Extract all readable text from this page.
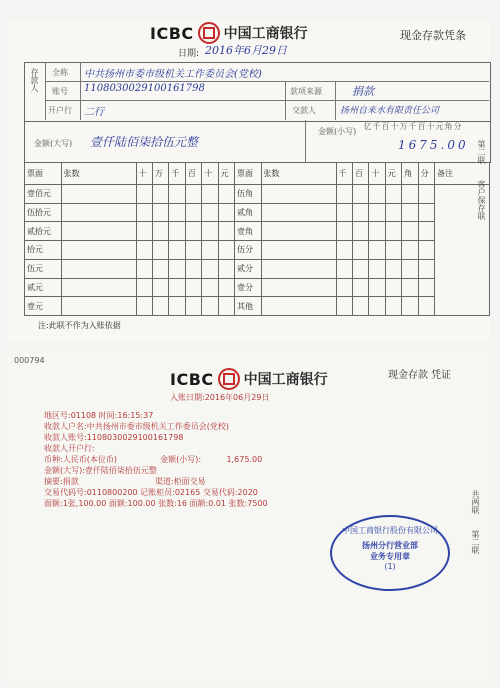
ICBC 中国工商银行	现金存款凭条
日期: 2016年6月29日
存款人 全称 中共扬州市委市级机关工作委员会(党校)
账号 1108030029100161798
开户行 二行
款项来源	捐款
交款人	扬州自来水有限责任公司
金额(大写) 壹仟陆佰柒拾伍元整
金额(小写)
亿 千 百 十 万 千 百 十 元 角 分
1675.00
票面	张数	十	万	千	百	十	元	票面	张数	千	百	十	元	角	分	备注
壹佰元								伍角								
伍拾元								贰角								
贰拾元								壹角								
拾元								伍分								
伍元								贰分								
贰元								壹分								
壹元								其他								
注:此联不作为入账依据
第二联
客户保存联
000794
ICBC 中国工商银行	现金存款 凭证
入账日期:2016年06月29日
地区号:01108 时间:16:15:37
收款人户名:中共扬州市委市级机关工作委员会(党校)
收款人账号:1108030029100161798
收款人开户行:
币种:人民币(本位币)                 金额(小写):          1,675.00
金额(大写):壹仟陆佰柒拾伍元整
摘要:捐款                              渠道:柜面交易
交易代码号:0110800200 记账柜员:02165 交易代码:2020
面额:1张,100.00 面额:100.00 张数:16 面额:0.01 张数:7500	共两联
第二联
中国工商银行股份有限公司
扬州分行营业部
业务专用章
(1)
